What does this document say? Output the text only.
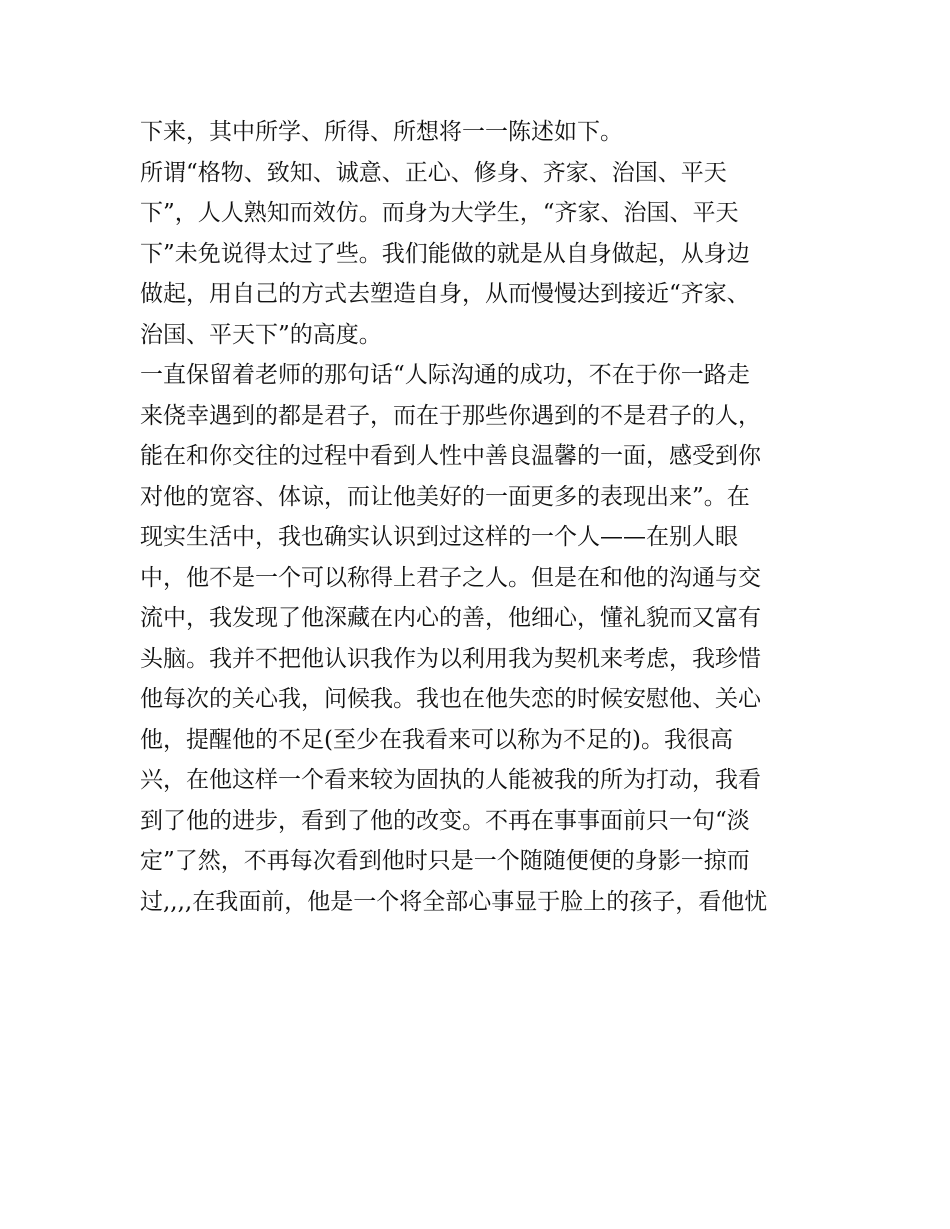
下来，其中所学、所得、所想将一一陈述如下。
所谓“格物、致知、诚意、正心、修身、齐家、治国、平天
下”，人人熟知而效仿。而身为大学生，“齐家、治国、平天
下”未免说得太过了些。我们能做的就是从自身做起，从身边
做起，用自己的方式去塑造自身，从而慢慢达到接近“齐家、
治国、平天下”的高度。
一直保留着老师的那句话“人际沟通的成功，不在于你一路走
来侥幸遇到的都是君子，而在于那些你遇到的不是君子的人，
能在和你交往的过程中看到人性中善良温馨的一面，感受到你
对他的宽容、体谅，而让他美好的一面更多的表现出来”。在
现实生活中，我也确实认识到过这样的一个人——在别人眼
中，他不是一个可以称得上君子之人。但是在和他的沟通与交
流中，我发现了他深藏在内心的善，他细心，懂礼貌而又富有
头脑。我并不把他认识我作为以利用我为契机来考虑，我珍惜
他每次的关心我，问候我。我也在他失恋的时候安慰他、关心
他，提醒他的不足(至少在我看来可以称为不足的)。我很高
兴，在他这样一个看来较为固执的人能被我的所为打动，我看
到了他的进步，看到了他的改变。不再在事事面前只一句“淡
定”了然，不再每次看到他时只是一个随随便便的身影一掠而
过,,,,在我面前，他是一个将全部心事显于脸上的孩子，看他忧
